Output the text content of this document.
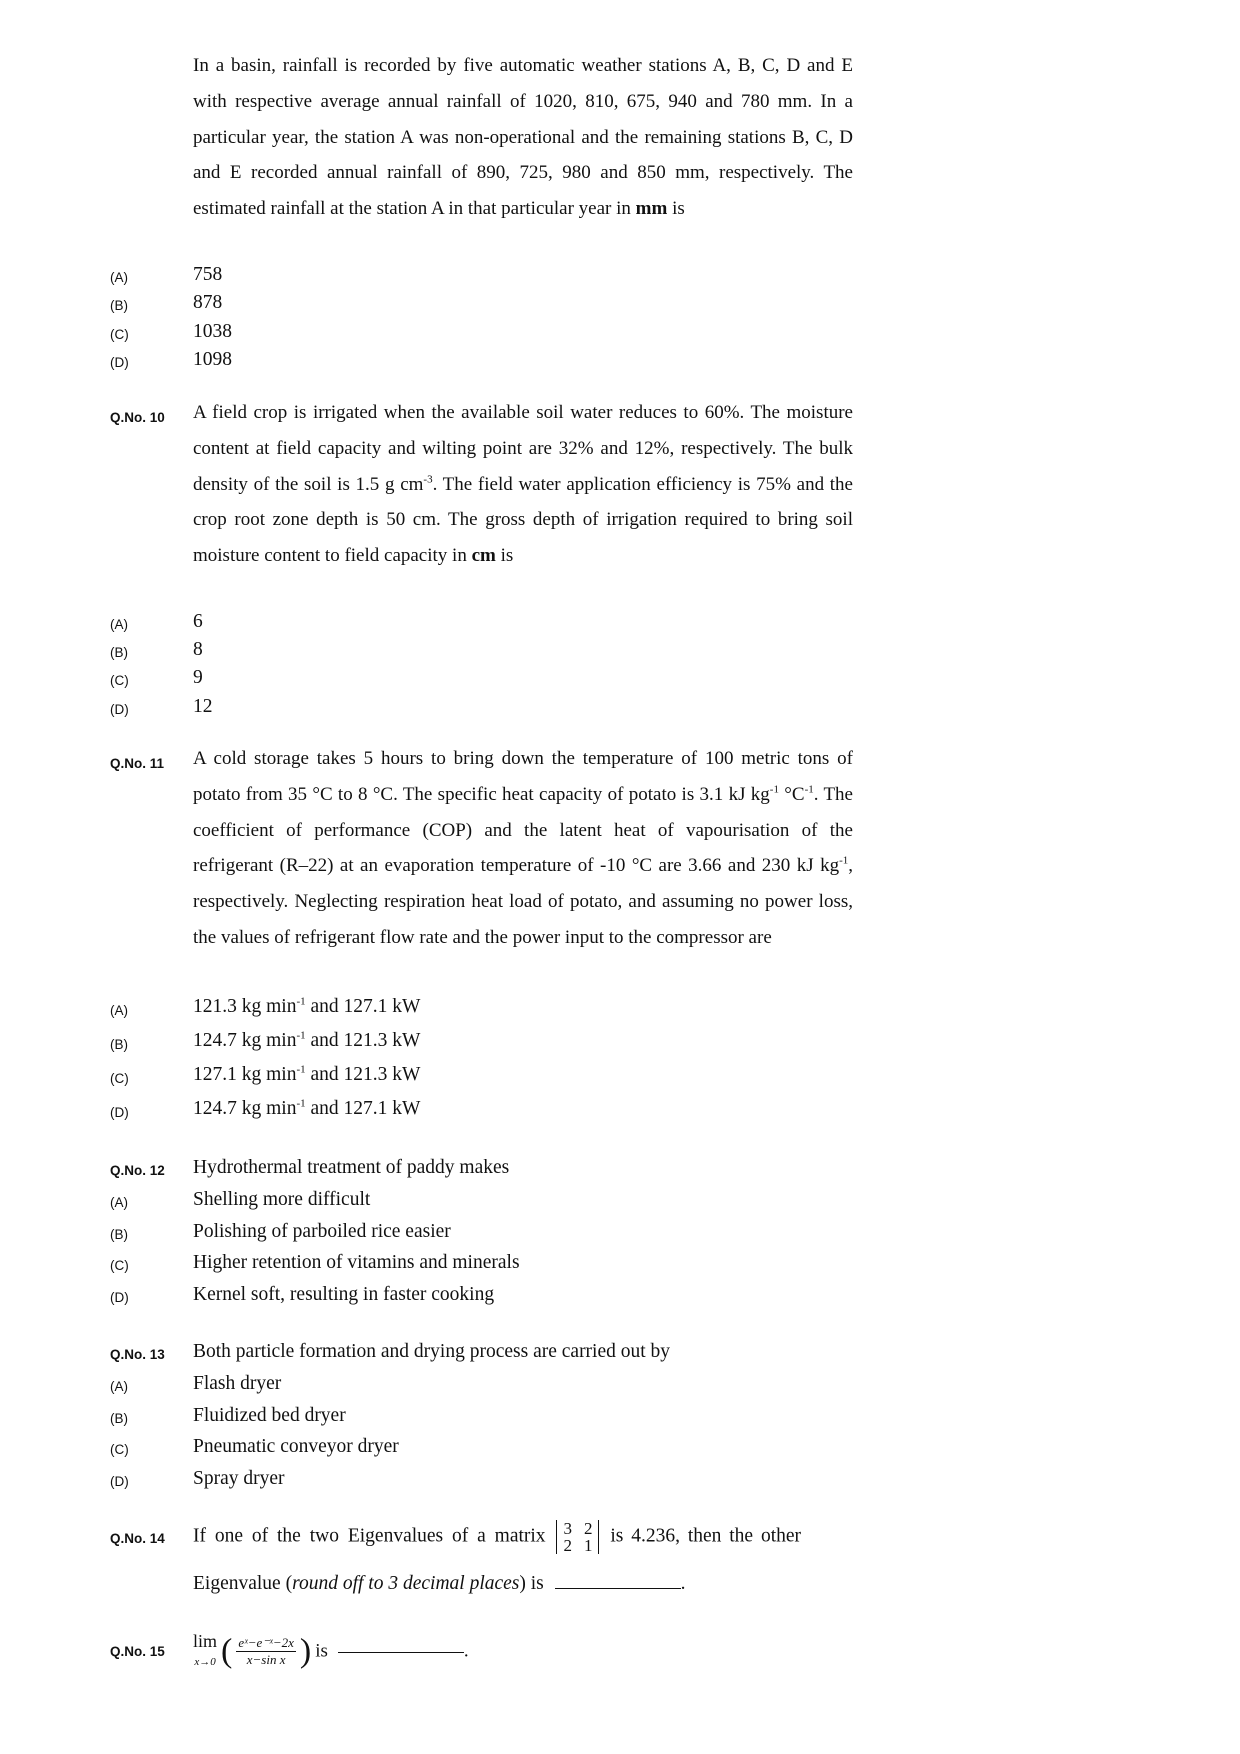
In a basin, rainfall is recorded by five automatic weather stations A, B, C, D and E with respective average annual rainfall of 1020, 810, 675, 940 and 780 mm. In a particular year, the station A was non-operational and the remaining stations B, C, D and E recorded annual rainfall of 890, 725, 980 and 850 mm, respectively. The estimated rainfall at the station A in that particular year in mm is
(A)	758
(B)	878
(C)	1038
(D)	1098
Q.No. 10 A field crop is irrigated when the available soil water reduces to 60%. The moisture content at field capacity and wilting point are 32% and 12%, respectively. The bulk density of the soil is 1.5 g $cm^{-3}$. The field water application efficiency is 75% and the crop root zone depth is 50 cm. The gross depth of irrigation required to bring soil moisture content to field capacity in cm is
(A)	6
(B)	8
(C)	9
(D)	12
Q.No. 11 A cold storage takes 5 hours to bring down the temperature of 100 metric tons of potato from 35 °C to 8 °C. The specific heat capacity of potato is 3.1 kJ $kg^{-1}$ $^\circ C^{-1}$. The coefficient of performance (COP) and the latent heat of vapourisation of the refrigerant (R–22) at an evaporation temperature of -10 °C are 3.66 and 230 kJ $kg^{-1}$, respectively. Neglecting respiration heat load of potato, and assuming no power loss, the values of refrigerant flow rate and the power input to the compressor are
(A)	121.3 kg $\min^{-1}$ and 127.1 kW
(B)	124.7 kg $\min^{-1}$ and 121.3 kW
(C)	127.1 kg $\min^{-1}$ and 121.3 kW
(D)	124.7 kg $\min^{-1}$ and 127.1 kW
Q.No. 12 Hydrothermal treatment of paddy makes
(A)	Shelling more difficult
(B)	Polishing of parboiled rice easier
(C)	Higher retention of vitamins and minerals
(D)	Kernel soft, resulting in faster cooking
Q.No. 13 Both particle formation and drying process are carried out by
(A)	Flash dryer
(B)	Fluidized bed dryer
(C)	Pneumatic conveyor dryer
(D)	Spray dryer
Q.No. 14 If one of the two Eigenvalues of a matrix 3	2
2	1 is 4.236, then the other
Eigenvalue (round off to 3 decimal places) is	.
Q.No. 15
lim
x→0 ( $\frac{\text{eˣ−e⁻ˣ−2x}}{\text{x−sin x}}$ ) is	.
